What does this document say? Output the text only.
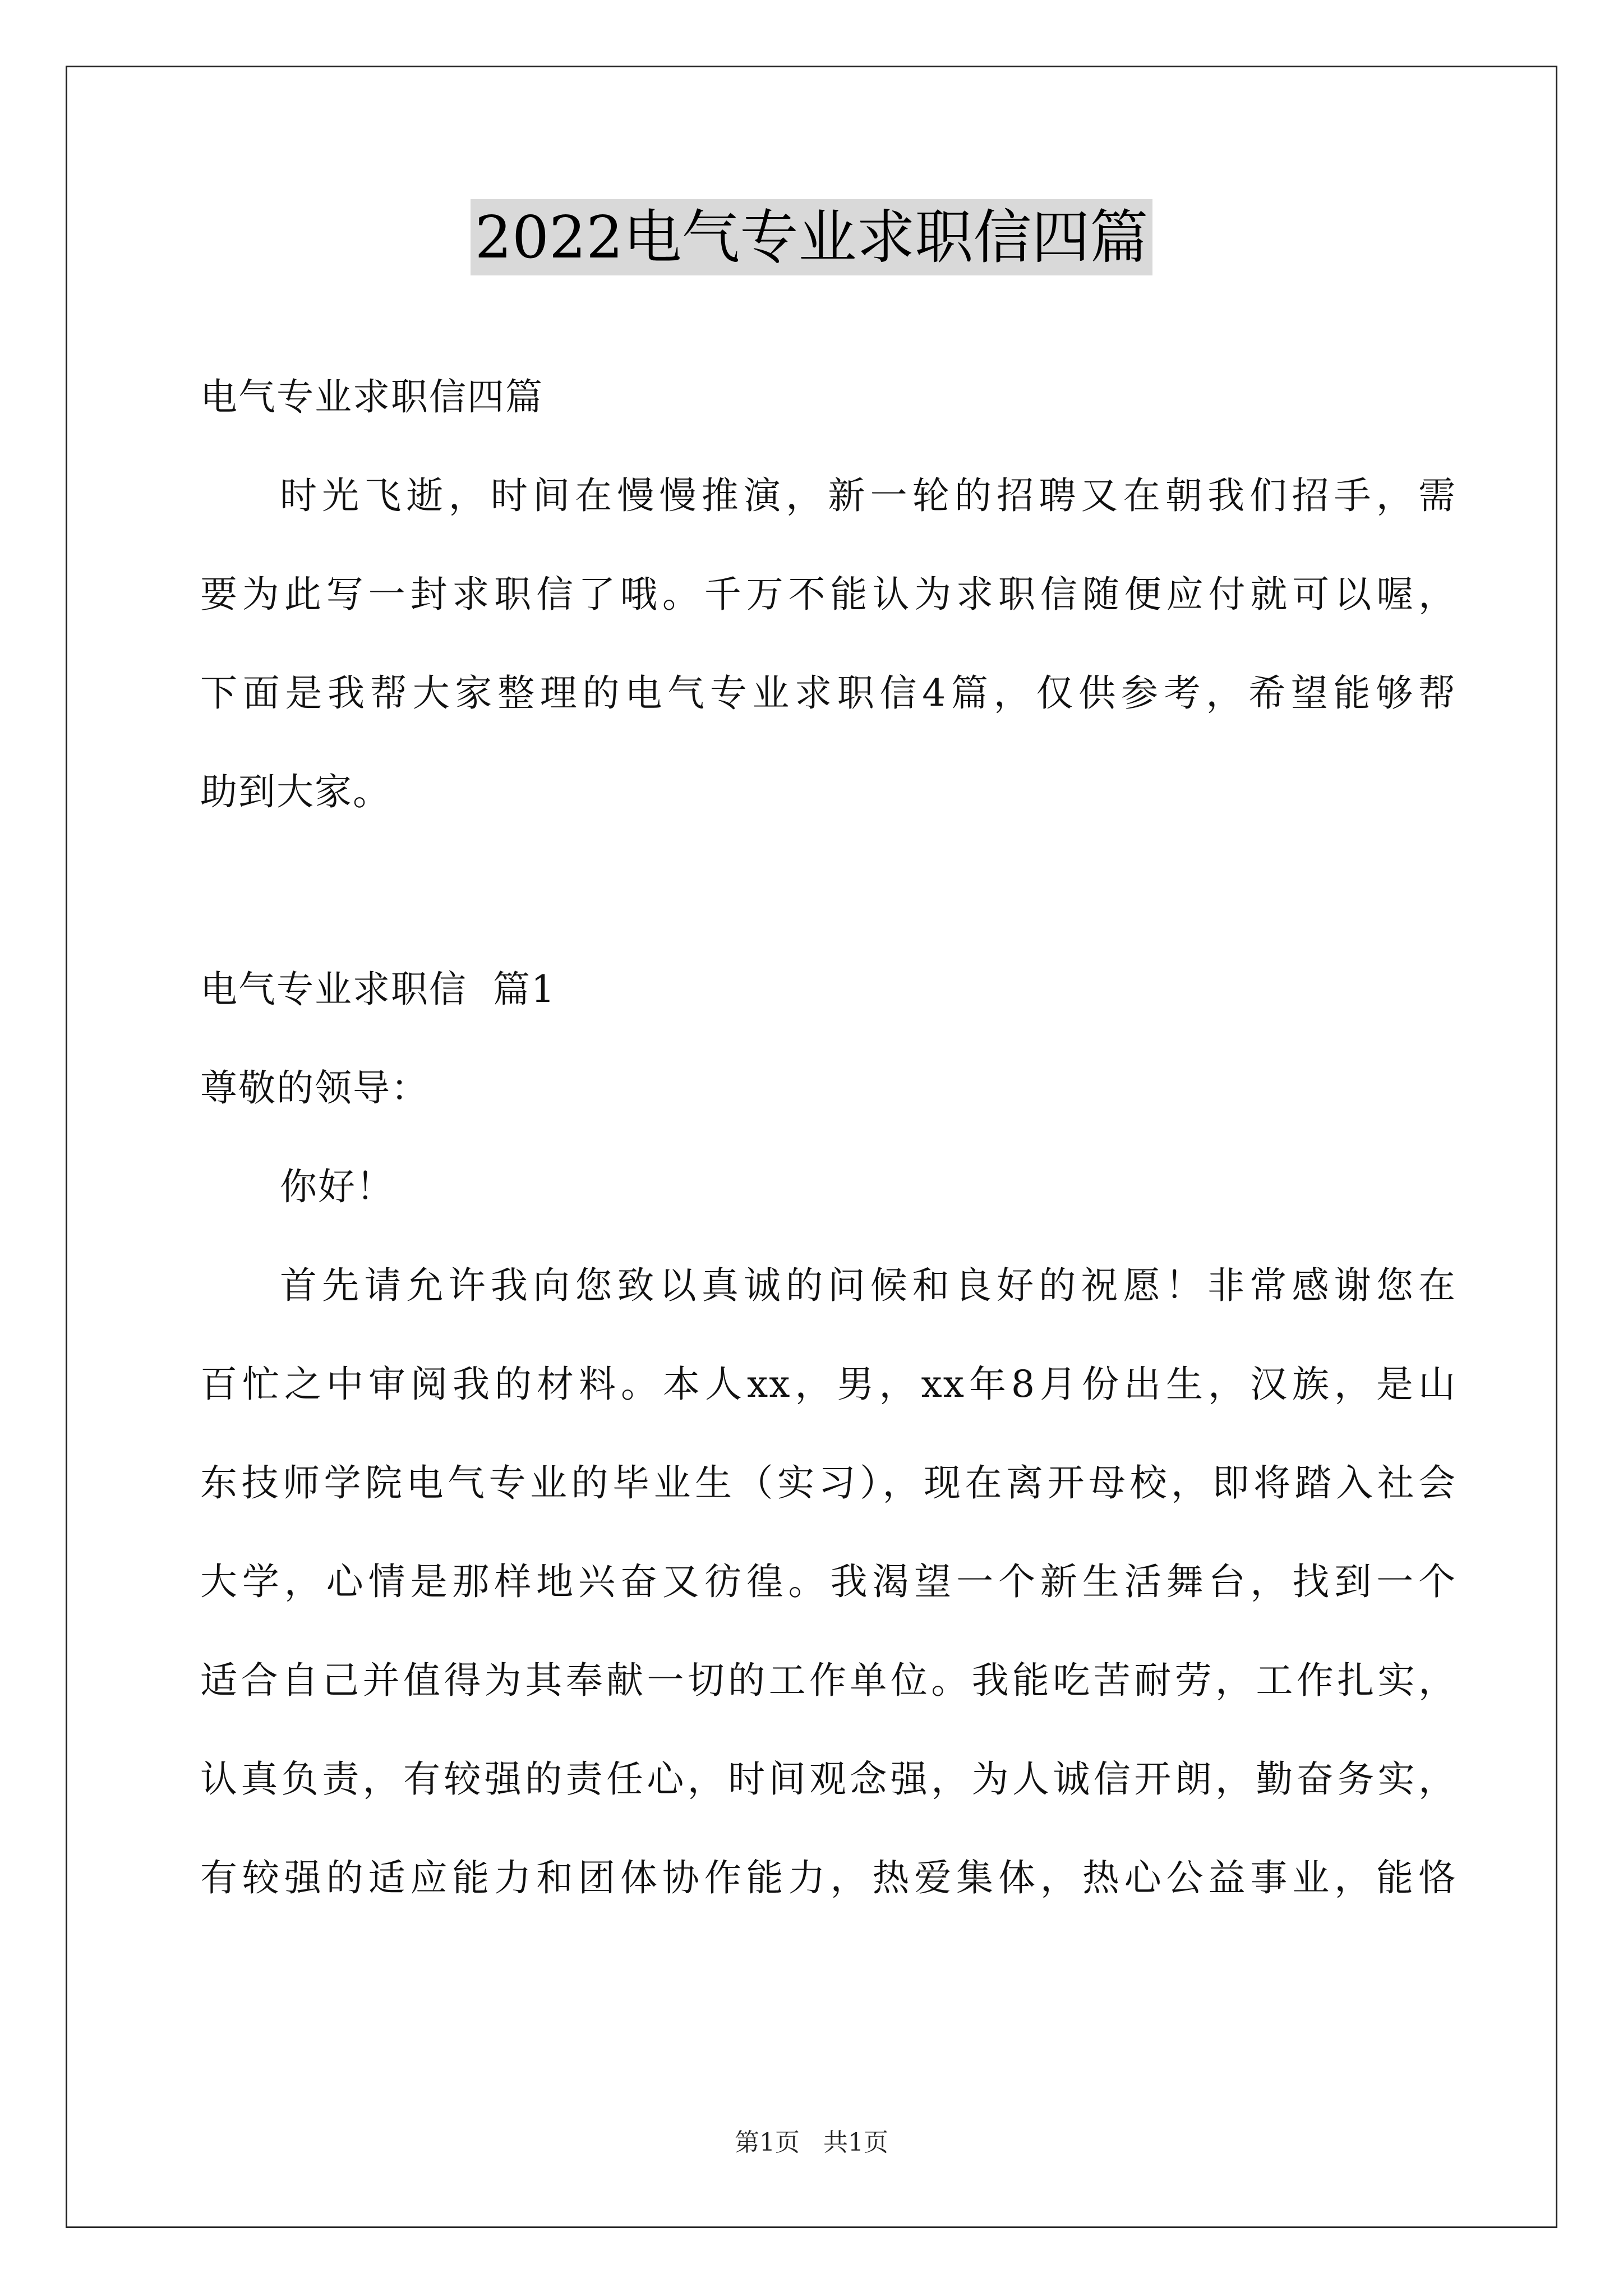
2022电气专业求职信四篇
电气专业求职信四篇
时光飞逝，时间在慢慢推演，新一轮的招聘又在朝我们招手，需
要为此写一封求职信了哦。千万不能认为求职信随便应付就可以喔，
下面是我帮大家整理的电气专业求职信4篇，仅供参考，希望能够帮
助到大家。
电气专业求职信  篇1
尊敬的领导：
你好！
首先请允许我向您致以真诚的问候和良好的祝愿！非常感谢您在
百忙之中审阅我的材料。本人xx，男，xx年8月份出生，汉族，是山
东技师学院电气专业的毕业生（实习），现在离开母校，即将踏入社会
大学，心情是那样地兴奋又彷徨。我渴望一个新生活舞台，找到一个
适合自己并值得为其奉献一切的工作单位。我能吃苦耐劳，工作扎实，
认真负责，有较强的责任心，时间观念强，为人诚信开朗，勤奋务实，
有较强的适应能力和团体协作能力，热爱集体，热心公益事业，能恪
第1页   共1页
